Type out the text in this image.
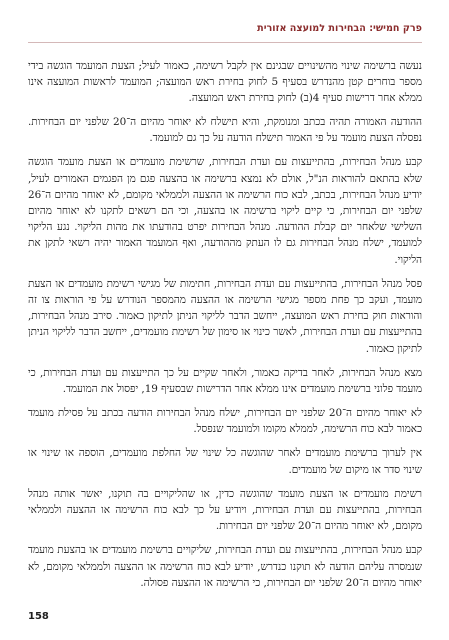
פרק חמישי: הבחירות למועצה אזורית

נעשה ברשימה שינוי מהשינויים שבגינם אין לקבל רשימה, כאמור לעיל; הצעת המועמד הוגשה בידי מספר בוחרים קטן מהנדרש בסעיף 5 לחוק בחירת ראש המועצה; המועמד לראשות המועצה אינו ממלא אחר דרישות סעיף 4(ב) לחוק בחירת ראש המועצה.

ההודעה האמורה תהיה בכתב ומנומקת, והיא תישלח לא יאוחר מהיום ה־20 שלפני יום הבחירות. נפסלה הצעת מועמד על פי האמור תישלח הודעה על כך גם למועמד.

קבע מנהל הבחירות, בהתייעצות עם ועדת הבחירות, שרשימת מועמדים או הצעת מועמד הוגשה שלא בהתאם להוראות הנ"ל, אולם לא נמצא ברשימה או בהצעה פגם מן הפגמים האמורים לעיל, יודיע מנהל הבחירות, בכתב, לבא כוח הרשימה או ההצעה ולממלאי מקומם, לא יאוחר מהיום ה־26 שלפני יום הבחירות, כי קיים ליקוי ברשימה או בהצעה, וכי הם רשאים לתקנו לא יאוחר מהיום השלישי שלאחר יום קבלת ההודעה. מנהל הבחירות יפרט בהודעתו את מהות הליקוי. נגע הליקוי למועמד, ישלח מנהל הבחירות גם לו העתק מההודעה, ואף המועמד האמור יהיה רשאי לתקן את הליקוי.

פסל מנהל הבחירות, בהתייעצות עם ועדת הבחירות, חתימות של מגישי רשימת מועמדים או הצעת מועמד, ועקב כך פחת מספר מגישי הרשימה או ההצעה מהמספר הנודרש על פי הוראות צו זה והוראות חוק בחירת ראש המועצה, ייחשב הדבר לליקוי הניתן לתיקון כאמור. סירב מנהל הבחירות, בהתייעצות עם ועדת הבחירות, לאשר כינוי או סימון של רשימת מועמדים, ייחשב הדבר לליקוי הניתן לתיקון כאמור.

מצא מנהל הבחירות, לאחר בדיקה כאמור, ולאחר שקיים על כך התייעצות עם ועדת הבחירות, כי מועמד פלוני ברשימת מועמדים אינו ממלא אחר הדרישות שבסעיף 19, יפסול את המועמד.

לא יאוחר מהיום ה־20 שלפני יום הבחירות, ישלח מנהל הבחירות הודעה בכתב על פסילת מועמד כאמור לבא כוח הרשימה, לממלא מקומו ולמועמד שנפסל.

אין לערוך ברשימת מועמדים לאחר שהוגשה כל שינוי של החלפת מועמדים, הוספה או שינוי או שינוי סדר או מיקום של מועמדים.

רשימת מועמדים או הצעת מועמד שהוגשה כדין, או שהליקויים בה תוקנו, יאשר אותה מנהל הבחירות, בהתייעצות עם ועדת הבחירות, ויודיע על כך לבא כוח הרשימה או ההצעה ולממלאי מקומם, לא יאוחר מהיום ה־20 שלפני יום הבחירות.

קבע מנהל הבחירות, בהתייעצות עם ועדת הבחירות, שליקויים ברשימת מועמדים או בהצעת מועמד שנמסרה עליהם הודעה לא תוקנו כנדרש, יודיע לבא כוח הרשימה או ההצעה ולממלאי מקומם, לא יאוחר מהיום ה־20 שלפני יום הבחירות, כי הרשימה או ההצעה פסולה.

158
